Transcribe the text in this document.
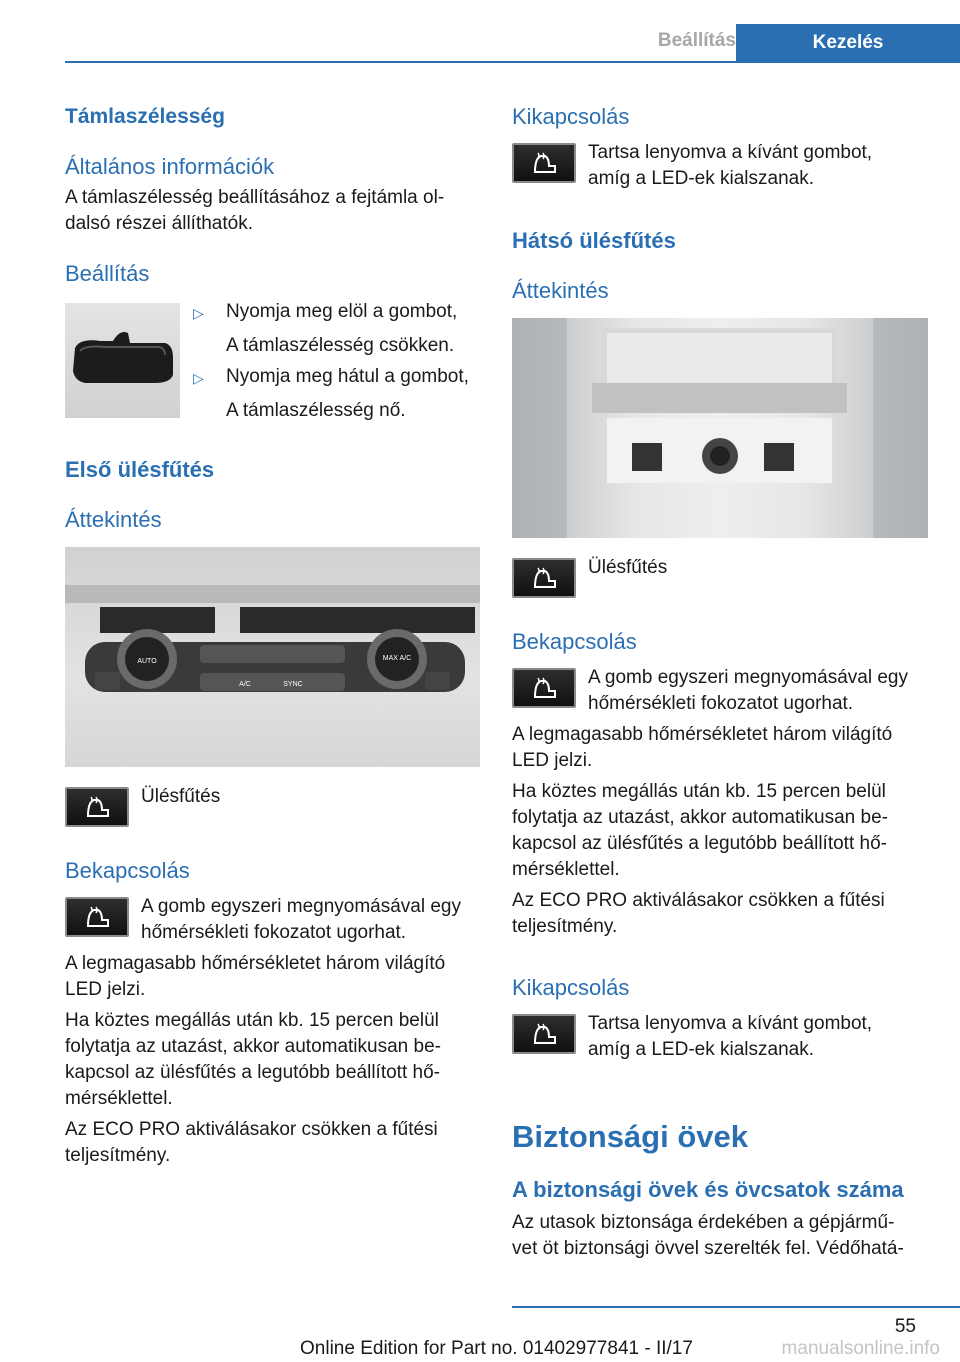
Beállítás	Kezelés
Támlaszélesség
Általános információk
A támlaszélesség beállításához a fejtámla ol-
dalsó részei állíthatók.
Beállítás
▷ Nyomja meg elöl a gombot,
A támlaszélesség csökken.
▷ Nyomja meg hátul a gombot,
A támlaszélesség nő.
Első ülésfűtés
Áttekintés
AUTO	MAX A/C
A/C	SYNC
Ülésfűtés
Bekapcsolás
A gomb egyszeri megnyomásával egy
hőmérsékleti fokozatot ugorhat.
A legmagasabb hőmérsékletet három világító
LED jelzi.
Ha köztes megállás után kb. 15 percen belül
folytatja az utazást, akkor automatikusan be-
kapcsol az ülésfűtés a legutóbb beállított hő-
mérséklettel.
Az ECO PRO aktiválásakor csökken a fűtési
teljesítmény.
Kikapcsolás
Tartsa lenyomva a kívánt gombot,
amíg a LED-ek kialszanak.
Hátsó ülésfűtés
Áttekintés
Ülésfűtés
Bekapcsolás
A gomb egyszeri megnyomásával egy
hőmérsékleti fokozatot ugorhat.
A legmagasabb hőmérsékletet három világító
LED jelzi.
Ha köztes megállás után kb. 15 percen belül
folytatja az utazást, akkor automatikusan be-
kapcsol az ülésfűtés a legutóbb beállított hő-
mérséklettel.
Az ECO PRO aktiválásakor csökken a fűtési
teljesítmény.
Kikapcsolás
Tartsa lenyomva a kívánt gombot,
amíg a LED-ek kialszanak.
Biztonsági övek
A biztonsági övek és övcsatok száma
Az utasok biztonsága érdekében a gépjármű-
vet öt biztonsági övvel szerelték fel. Védőhatá-
55
Online Edition for Part no. 01402977841 - II/17	manualsonline.info
